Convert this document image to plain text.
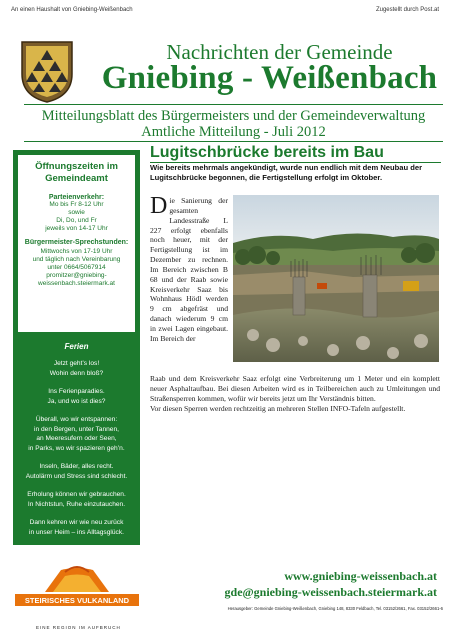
An einen Haushalt von Gniebing-Weißenbach	Zugestellt durch Post.at
Nachrichten der Gemeinde
Gniebing - Weißenbach
Mitteilungsblatt des Bürgermeisters und der Gemeindeverwaltung
Amtliche Mitteilung - Juli 2012
Öffnungszeiten im Gemeindeamt
Parteienverkehr:
Mo bis Fr 8-12 Uhr
sowie
Di, Do, und Fr
jeweils von 14-17 Uhr
Bürgermeister-Sprechstunden:
Mittwochs von 17-19 Uhr
und täglich nach Vereinbarung
unter 0664/5067914
promitzer@gniebing-
weissenbach.steiermark.at
Ferien

Jetzt geht’s los!
Wohin denn bloß?

Ins Ferienparadies.
Ja, und wo ist dies?

Überall, wo wir entspannen:
in den Bergen, unter Tannen,
an Meeresufern oder Seen,
in Parks, wo wir spazieren geh’n.

Inseln, Bäder, alles recht.
Autolärm und Stress sind schlecht.

Erholung können wir gebrauchen.
In Nichtstun, Ruhe einzutauchen.

Dann kehren wir wie neu zurück
in unser Heim – ins Alltagsglück.

STEIRISCHES VULKANLAND
EINE REGION IM AUFBRUCH
Lugitschbrücke bereits im Bau
Wie bereits mehrmals angekündigt, wurde nun endlich mit dem Neubau der Lugitschbrücke begonnen, die Fertigstellung erfolgt im Oktober.
Die Sanierung der gesamten Landesstraße L 227 erfolgt ebenfalls noch heuer, mit der Fertigstellung ist im Dezember zu rechnen. Im Bereich zwischen B 68 und der Raab sowie Kreisverkehr Saaz bis Wohnhaus Hödl werden 9 cm abgefräst und danach wiederum 9 cm in zwei Lagen eingebaut. Im Bereich der

Raab und dem Kreisverkehr Saaz erfolgt eine Verbreiterung um 1 Meter und ein komplett neuer Asphaltaufbau. Bei diesen Arbeiten wird es in Teilbereichen auch zu Umleitungen und Straßensperren kommen, wofür wir bereits jetzt um Ihr Verständnis bitten.

Vor diesen Sperren werden rechtzeitig an mehreren Stellen INFO-Tafeln aufgestellt.

www.gniebing-weissenbach.at
gde@gniebing-weissenbach.steiermark.at
Herausgeber: Gemeinde Gniebing-Weißenbach, Gniebing 148, 8330 Feldbach, Tel. 03152/2661, Fax. 03152/2661-6
